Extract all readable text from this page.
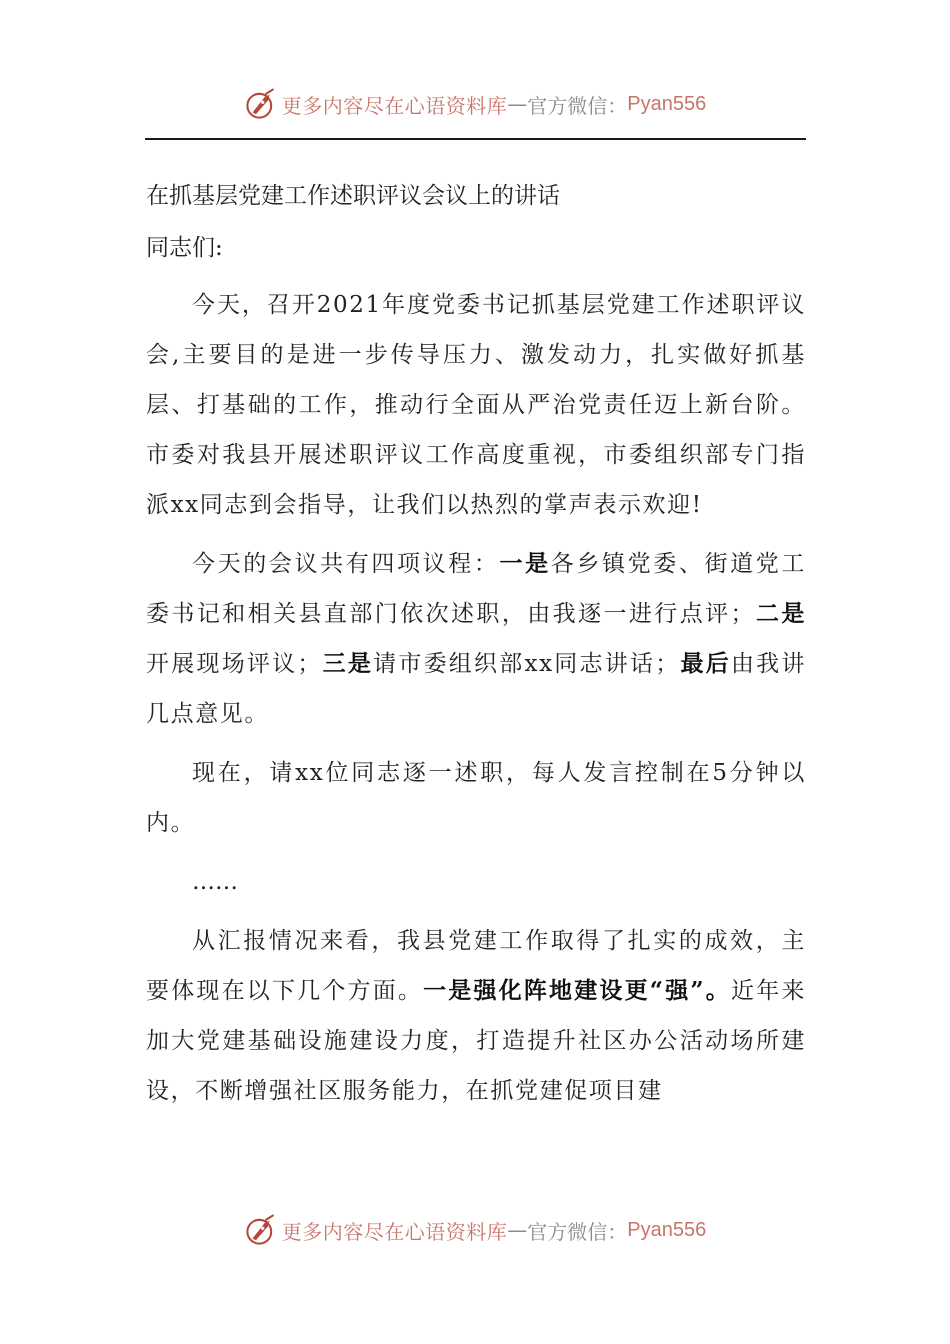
更多内容尽在心语资料库 — 官方微信： Pyan556
在抓基层党建工作述职评议会议上的讲话
同志们:

今天，召开2021年度党委书记抓基层党建工作述职评议会,主要目的是进一步传导压力、激发动力，扎实做好抓基层、打基础的工作，推动行全面从严治党责任迈上新台阶。市委对我县开展述职评议工作高度重视，市委组织部专门指派xx同志到会指导，让我们以热烈的掌声表示欢迎!

今天的会议共有四项议程：一是各乡镇党委、街道党工委书记和相关县直部门依次述职，由我逐一进行点评；二是开展现场评议；三是请市委组织部xx同志讲话；最后由我讲几点意见。

现在，请xx位同志逐一述职，每人发言控制在5分钟以内。

……

从汇报情况来看，我县党建工作取得了扎实的成效，主要体现在以下几个方面。一是强化阵地建设更“强”。近年来加大党建基础设施建设力度，打造提升社区办公活动场所建设，不断增强社区服务能力，在抓党建促项目建

更多内容尽在心语资料库 — 官方微信： Pyan556
